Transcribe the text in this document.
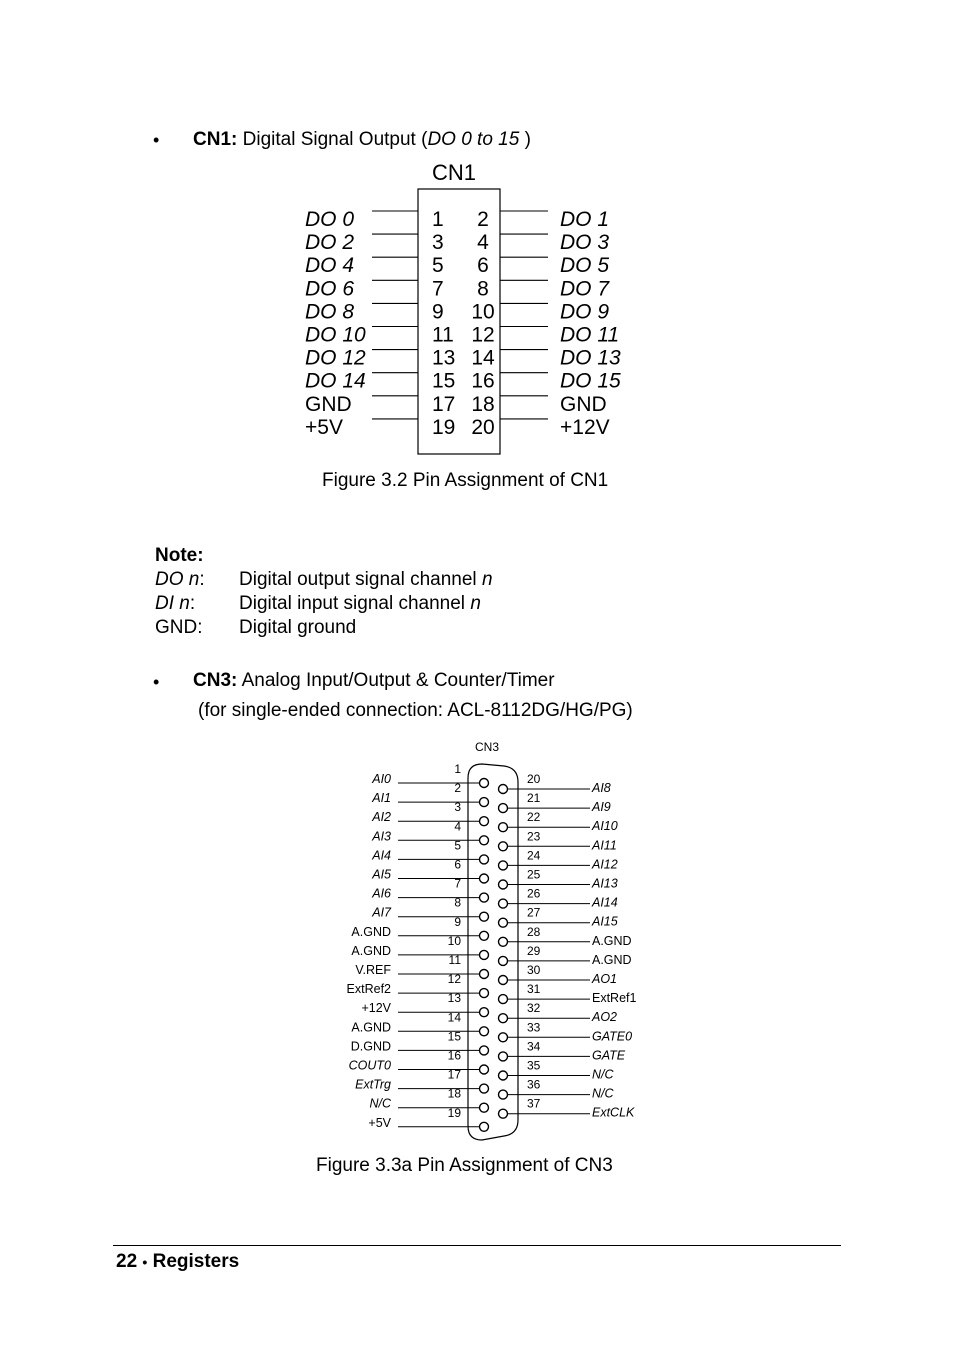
• CN1: Digital Signal Output (DO 0 to 15 )
CN1
DO 0	1 2	DO 1
DO 2	3 4	DO 3
DO 4	5 6	DO 5
DO 6	7 8	DO 7
DO 8	9 10	DO 9
DO 10	11 12	DO 11
DO 12	13 14	DO 13
DO 14	15 16	DO 15
GND	17 18	GND
+5V	19 20	+12V
Figure 3.2 Pin Assignment of CN1
Note:
DO n: Digital output signal channel n
DI n: Digital input signal channel n
GND: Digital ground
• CN3: Analog Input/Output & Counter/Timer
(for single-ended connection: ACL-8112DG/HG/PG)
CN3
AI0
1
AI1
2
AI2
3
AI3
4
AI4
5
AI5
6
AI6
7
AI7
8
A.GND
9
A.GND
10
V.REF
11
ExtRef2
12
+12V
13
A.GND
14
D.GND
15
COUT0
16
ExtTrg
17
N/C
18
+5V
19
20
AI8
21
AI9
22
AI10
23
AI11
24
AI12
25
AI13
26
AI14
27
AI15
28
A.GND
29
A.GND
30
AO1
31
ExtRef1
32
AO2
33
GATE0
34
GATE
35
N/C
36
N/C
37
ExtCLK
Figure 3.3a Pin Assignment of CN3
22 • Registers
